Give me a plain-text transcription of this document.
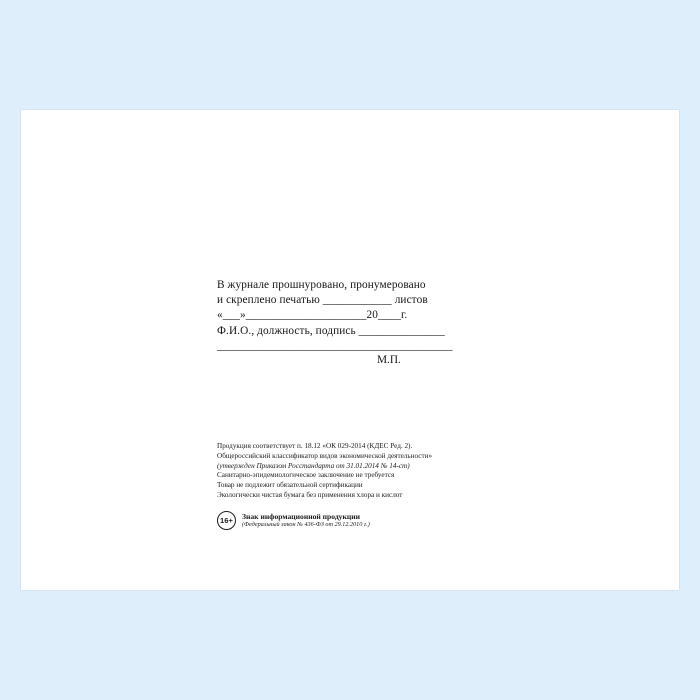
В журнале прошнуровано, пронумеровано
и скреплено печатью ____________ листов
«___»_____________________20____г.
Ф.И.О., должность, подпись _______________
_________________________________________
М.П.

Продукция соответствует п. 18.12 «ОК 029-2014 (КДЕС Ред. 2).

Общероссийский классификатор видов экономической деятельности»

(утвержден Приказом Росстандарта от 31.01.2014 № 14-ст)

Санитарно-эпидемиологическое заключение не требуется

Товар не подлежит обязательной сертификации

Экологически чистая бумага без применения хлора и кислот

16+	Знак информационной продукции
(Федеральный закон № 436-ФЗ от 29.12.2010 г.)
